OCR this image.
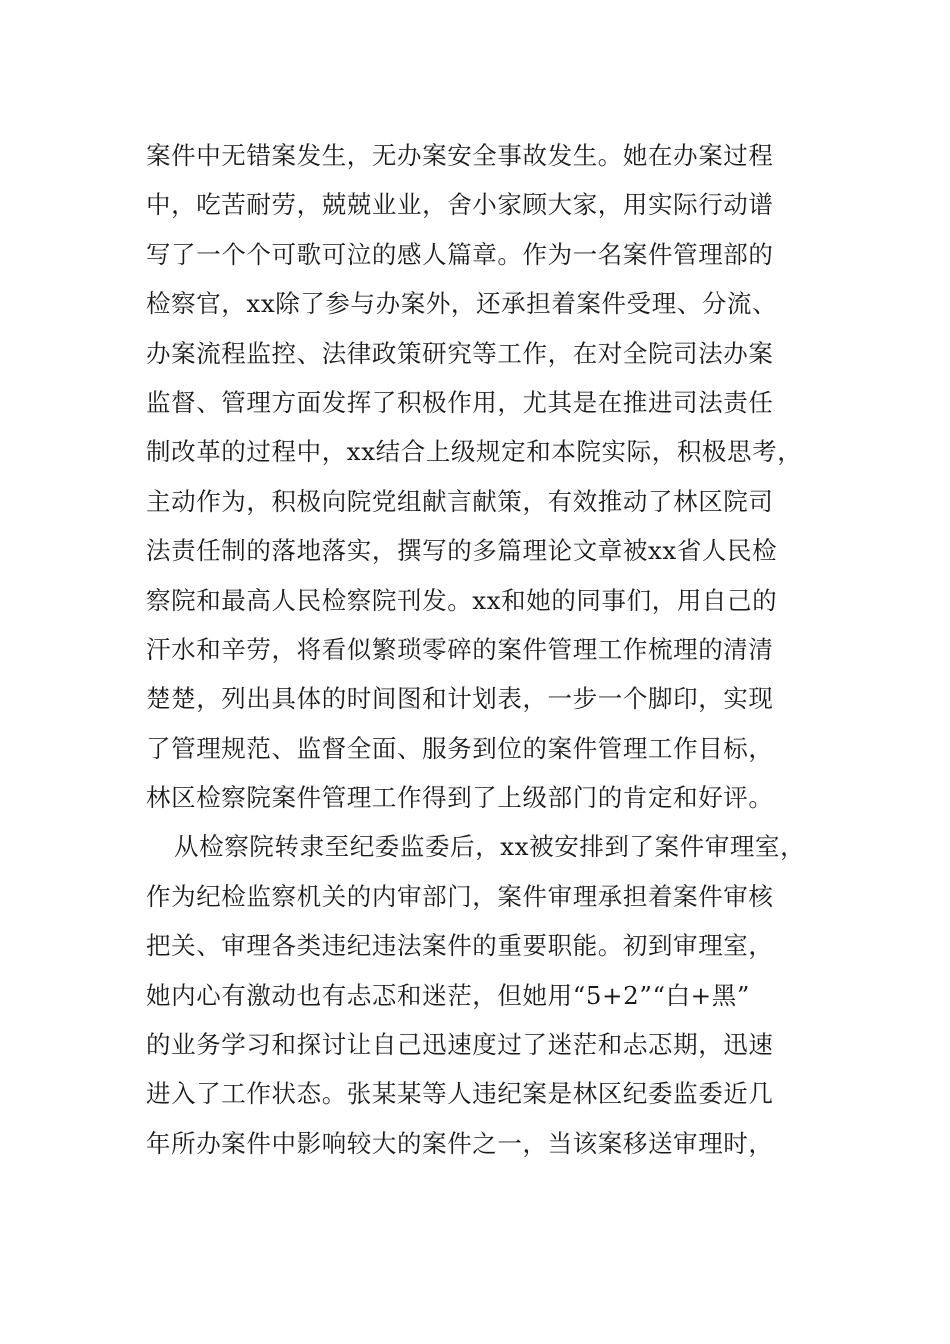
案件中无错案发生，无办案安全事故发生。她在办案过程
中，吃苦耐劳，兢兢业业，舍小家顾大家，用实际行动谱
写了一个个可歌可泣的感人篇章。作为一名案件管理部的
检察官，xx除了参与办案外，还承担着案件受理、分流、
办案流程监控、法律政策研究等工作，在对全院司法办案
监督、管理方面发挥了积极作用，尤其是在推进司法责任
制改革的过程中，xx结合上级规定和本院实际，积极思考，
主动作为，积极向院党组献言献策，有效推动了林区院司
法责任制的落地落实，撰写的多篇理论文章被xx省人民检
察院和最高人民检察院刊发。xx和她的同事们，用自己的
汗水和辛劳，将看似繁琐零碎的案件管理工作梳理的清清
楚楚，列出具体的时间图和计划表，一步一个脚印，实现
了管理规范、监督全面、服务到位的案件管理工作目标，
林区检察院案件管理工作得到了上级部门的肯定和好评。
从检察院转隶至纪委监委后，xx被安排到了案件审理室，
作为纪检监察机关的内审部门，案件审理承担着案件审核
把关、审理各类违纪违法案件的重要职能。初到审理室，
她内心有激动也有忐忑和迷茫，但她用“5+2”“白+黑”
的业务学习和探讨让自己迅速度过了迷茫和忐忑期，迅速
进入了工作状态。张某某等人违纪案是林区纪委监委近几
年所办案件中影响较大的案件之一，当该案移送审理时，
